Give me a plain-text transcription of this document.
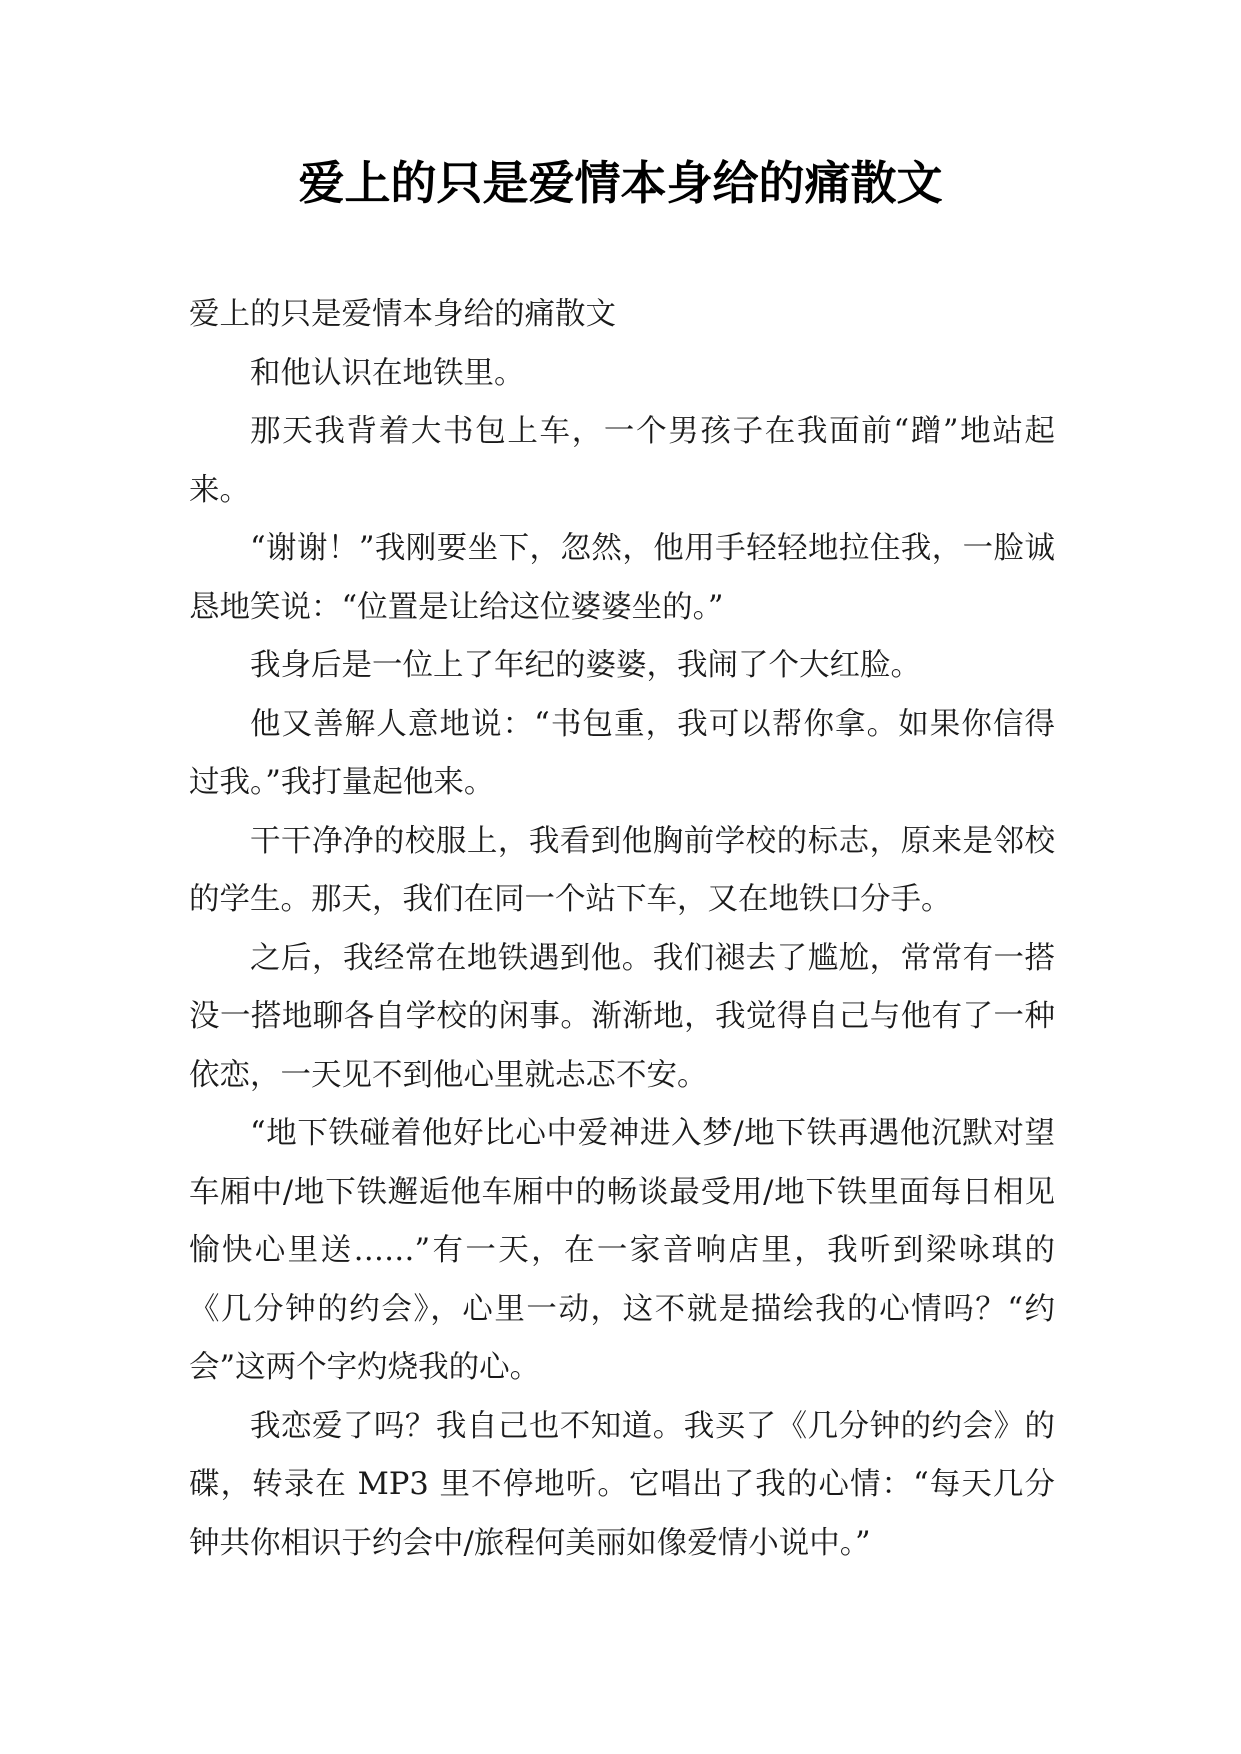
爱上的只是爱情本身给的痛散文

爱上的只是爱情本身给的痛散文

和他认识在地铁里。

那天我背着大书包上车，一个男孩子在我面前“蹭”地站起来。

“谢谢！”我刚要坐下，忽然，他用手轻轻地拉住我，一脸诚恳地笑说：“位置是让给这位婆婆坐的。”

我身后是一位上了年纪的婆婆，我闹了个大红脸。

他又善解人意地说：“书包重，我可以帮你拿。如果你信得过我。”我打量起他来。

干干净净的校服上，我看到他胸前学校的标志，原来是邻校的学生。那天，我们在同一个站下车，又在地铁口分手。

之后，我经常在地铁遇到他。我们褪去了尴尬，常常有一搭没一搭地聊各自学校的闲事。渐渐地，我觉得自己与他有了一种依恋，一天见不到他心里就忐忑不安。

“地下铁碰着他好比心中爱神进入梦/地下铁再遇他沉默对望车厢中/地下铁邂逅他车厢中的畅谈最受用/地下铁里面每日相见愉快心里送……”有一天，在一家音响店里，我听到梁咏琪的《几分钟的约会》，心里一动，这不就是描绘我的心情吗？“约会”这两个字灼烧我的心。

我恋爱了吗？我自己也不知道。我买了《几分钟的约会》的碟，转录在 MP3 里不停地听。它唱出了我的心情：“每天几分钟共你相识于约会中/旅程何美丽如像爱情小说中。”
